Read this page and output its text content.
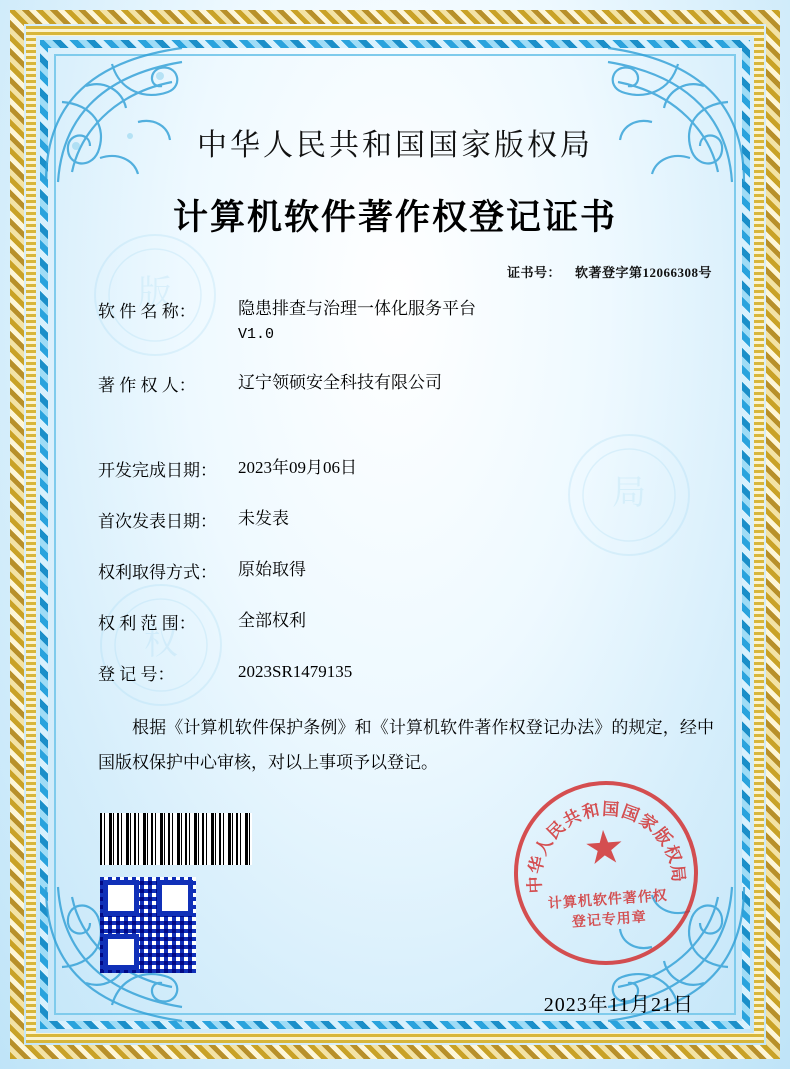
版
权
局
中华人民共和国国家版权局
计算机软件著作权登记证书
证书号： 软著登字第12066308号
软 件 名 称：	隐患排查与治理一体化服务平台
V1.0
著 作 权 人：	辽宁领硕安全科技有限公司
开发完成日期：	2023年09月06日
首次发表日期：	未发表
权利取得方式：	原始取得
权 利 范 围：	全部权利
登 记 号：	2023SR1479135

根据《计算机软件保护条例》和《计算机软件著作权登记办法》的规定，经中国版权保护中心审核，对以上事项予以登记。

中华人民共和国国家版权局
★
计算机软件著作权
登记专用章
2023年11月21日
